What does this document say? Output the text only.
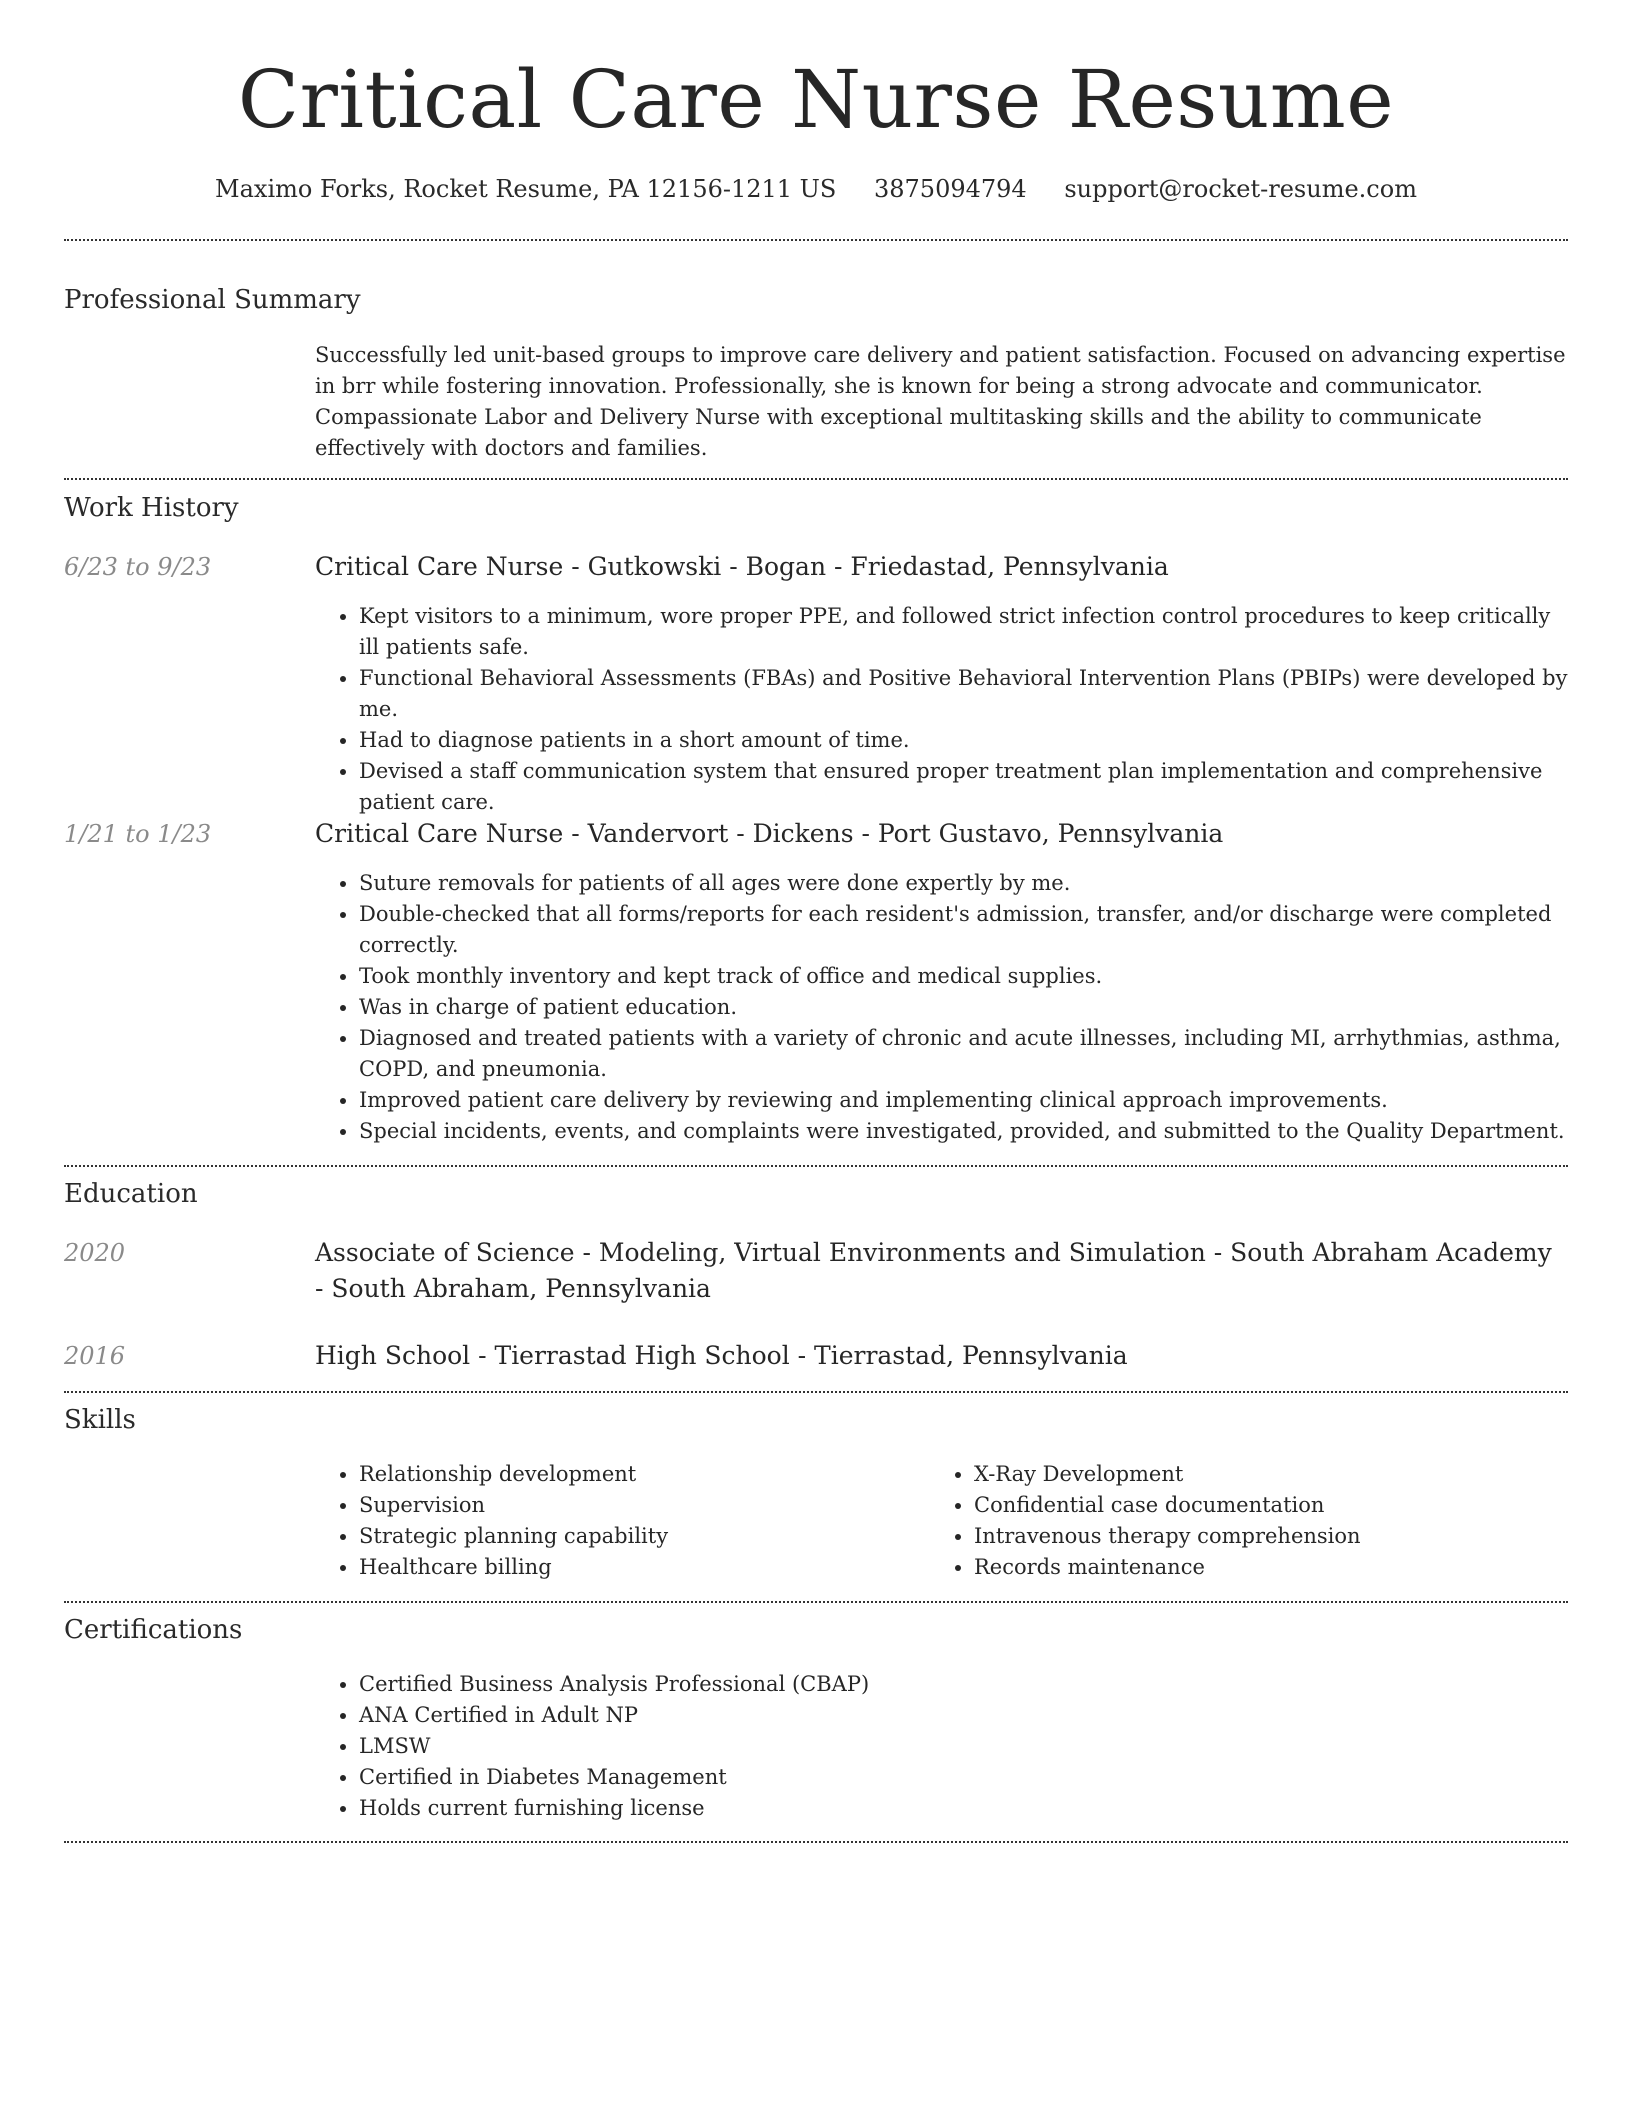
Critical Care Nurse Resume
Maximo Forks, Rocket Resume, PA 12156-1211 US 3875094794 support@rocket-resume.com
Professional Summary
Successfully led unit-based groups to improve care delivery and patient satisfaction. Focused on advancing expertise in brr while fostering innovation. Professionally, she is known for being a strong advocate and communicator. Compassionate Labor and Delivery Nurse with exceptional multitasking skills and the ability to communicate effectively with doctors and families.
Work History
6/23 to 9/23	Critical Care Nurse - Gutkowski - Bogan - Friedastad, Pennsylvania
• Kept visitors to a minimum, wore proper PPE, and followed strict infection control procedures to keep critically ill patients safe.
• Functional Behavioral Assessments (FBAs) and Positive Behavioral Intervention Plans (PBIPs) were developed by me.
• Had to diagnose patients in a short amount of time.
• Devised a staff communication system that ensured proper treatment plan implementation and comprehensive patient care.
1/21 to 1/23	Critical Care Nurse - Vandervort - Dickens - Port Gustavo, Pennsylvania
• Suture removals for patients of all ages were done expertly by me.
• Double-checked that all forms/reports for each resident's admission, transfer, and/or discharge were completed correctly.
• Took monthly inventory and kept track of office and medical supplies.
• Was in charge of patient education.
• Diagnosed and treated patients with a variety of chronic and acute illnesses, including MI, arrhythmias, asthma, COPD, and pneumonia.
• Improved patient care delivery by reviewing and implementing clinical approach improvements.
• Special incidents, events, and complaints were investigated, provided, and submitted to the Quality Department.
Education
2020	Associate of Science - Modeling, Virtual Environments and Simulation - South Abraham Academy - South Abraham, Pennsylvania
2016	High School - Tierrastad High School - Tierrastad, Pennsylvania
Skills
• Relationship development
• Supervision
• Strategic planning capability
• Healthcare billing
• X-Ray Development
• Confidential case documentation
• Intravenous therapy comprehension
• Records maintenance
Certifications
• Certified Business Analysis Professional (CBAP)
• ANA Certified in Adult NP
• LMSW
• Certified in Diabetes Management
• Holds current furnishing license
